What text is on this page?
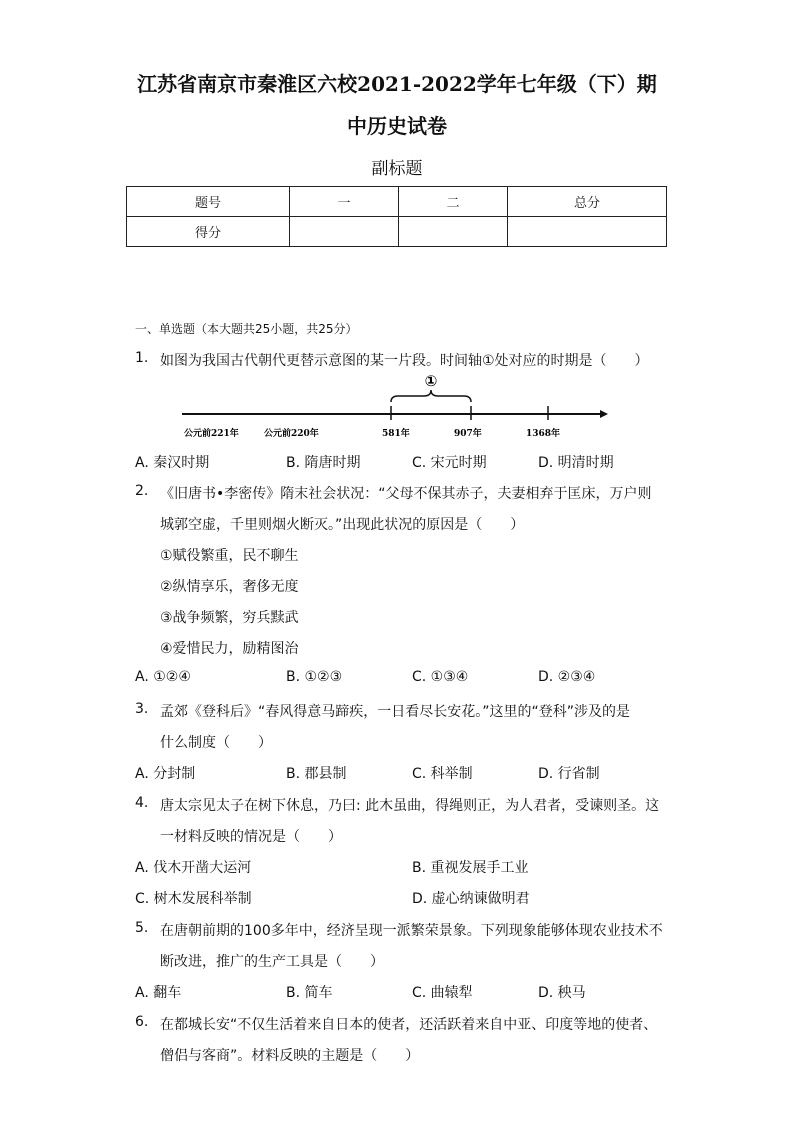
江苏省南京市秦淮区六校2021-2022学年七年级（下）期
中历史试卷
副标题
题号	一	二	总分
得分			
一、单选题（本大题共25小题，共25分）
1. 如图为我国古代朝代更替示意图的某一片段。时间轴①处对应的时期是（　　）
①
公元前221年	公元前220年	581年	907年	1368年
A. 秦汉时期	B. 隋唐时期	C. 宋元时期	D. 明清时期
2. 《旧唐书•李密传》隋末社会状况：“父母不保其赤子，夫妻相弃于匡床，万户则
城郭空虚，千里则烟火断灭。”出现此状况的原因是（　　）
①赋役繁重，民不聊生
②纵情享乐，奢侈无度
③战争频繁，穷兵黩武
④爱惜民力，励精图治
A. ①②④	B. ①②③	C. ①③④	D. ②③④
3. 孟郊《登科后》“春风得意马蹄疾，一日看尽长安花。”这里的“登科”涉及的是
什么制度（　　）
A. 分封制	B. 郡县制	C. 科举制	D. 行省制
4. 唐太宗见太子在树下休息，乃曰: 此木虽曲，得绳则正，为人君者，受谏则圣。这
一材料反映的情况是（　　）
A. 伐木开凿大运河	B. 重视发展手工业
C. 树木发展科举制	D. 虚心纳谏做明君
5. 在唐朝前期的100多年中，经济呈现一派繁荣景象。下列现象能够体现农业技术不
断改进，推广的生产工具是（　　）
A. 翻车	B. 简车	C. 曲辕犁	D. 秧马
6. 在都城长安“不仅生活着来自日本的使者，还活跃着来自中亚、印度等地的使者、
僧侣与客商”。材料反映的主题是（　　）
